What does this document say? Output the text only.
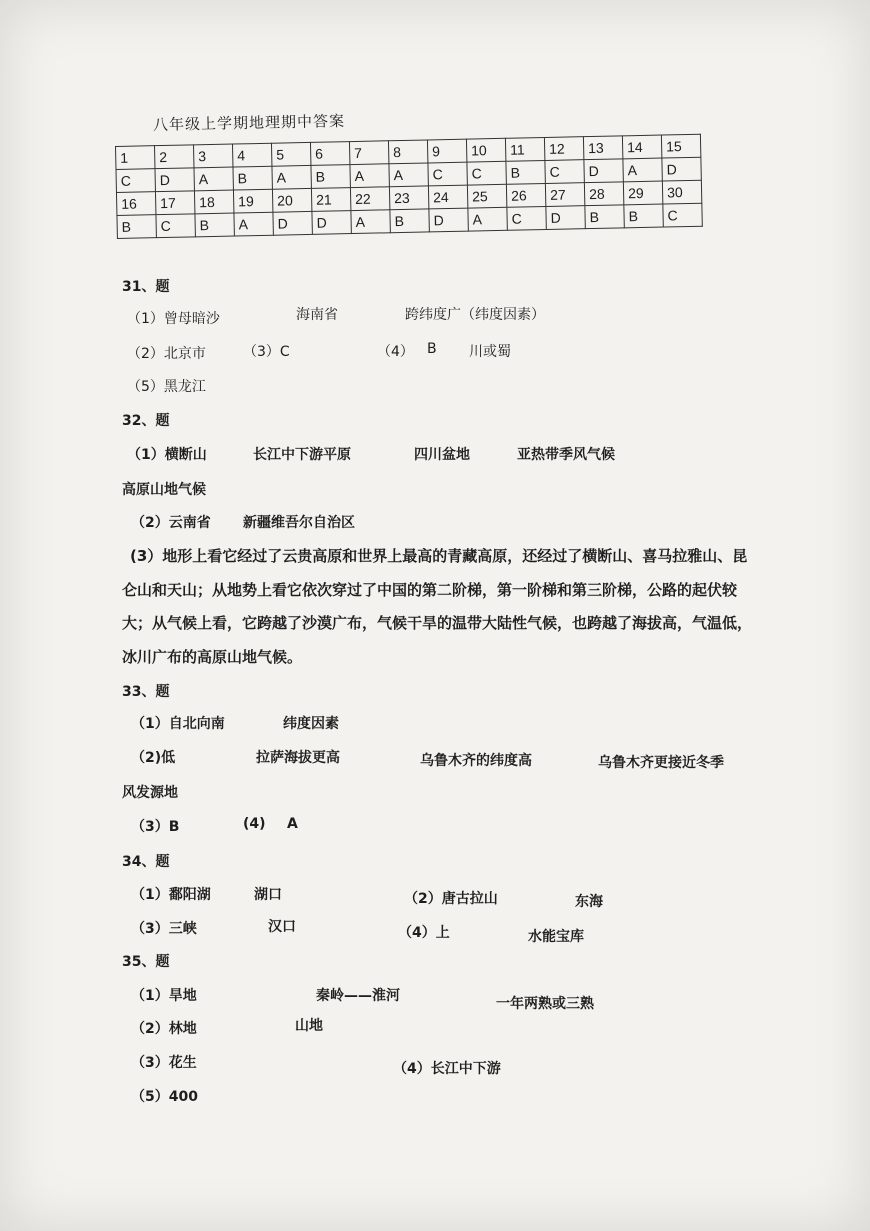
八年级上学期地理期中答案
1	2	3	4	5	6	7	8	9	10	11	12	13	14	15
C	D	A	B	A	B	A	A	C	C	B	C	D	A	D
16	17	18	19	20	21	22	23	24	25	26	27	28	29	30
B	C	B	A	D	D	A	B	D	A	C	D	B	B	C
31、题
（1）曾母暗沙	海南省	跨纬度广（纬度因素）
（2）北京市	（3）C	（4） B 川或蜀
（5）黑龙江
32、题
（1）横断山	长江中下游平原	四川盆地	亚热带季风气候
高原山地气候
（2）云南省 新疆维吾尔自治区
(3）地形上看它经过了云贵高原和世界上最高的青藏高原，还经过了横断山、喜马拉雅山、昆仑山和天山；从地势上看它依次穿过了中国的第二阶梯，第一阶梯和第三阶梯，公路的起伏较大；从气候上看，它跨越了沙漠广布，气候干旱的温带大陆性气候，也跨越了海拔高，气温低，冰川广布的高原山地气候。
33、题
（1）自北向南	纬度因素
（2)低	拉萨海拔更高	乌鲁木齐的纬度高	乌鲁木齐更接近冬季
风发源地
（3）B	(4) A
34、题
（1）鄱阳湖	湖口	（2）唐古拉山	东海
（3）三峡	汉口	（4）上	水能宝库
35、题
（1）旱地	秦岭——淮河	一年两熟或三熟
（2）林地	山地
（3）花生	（4）长江中下游
（5）400
